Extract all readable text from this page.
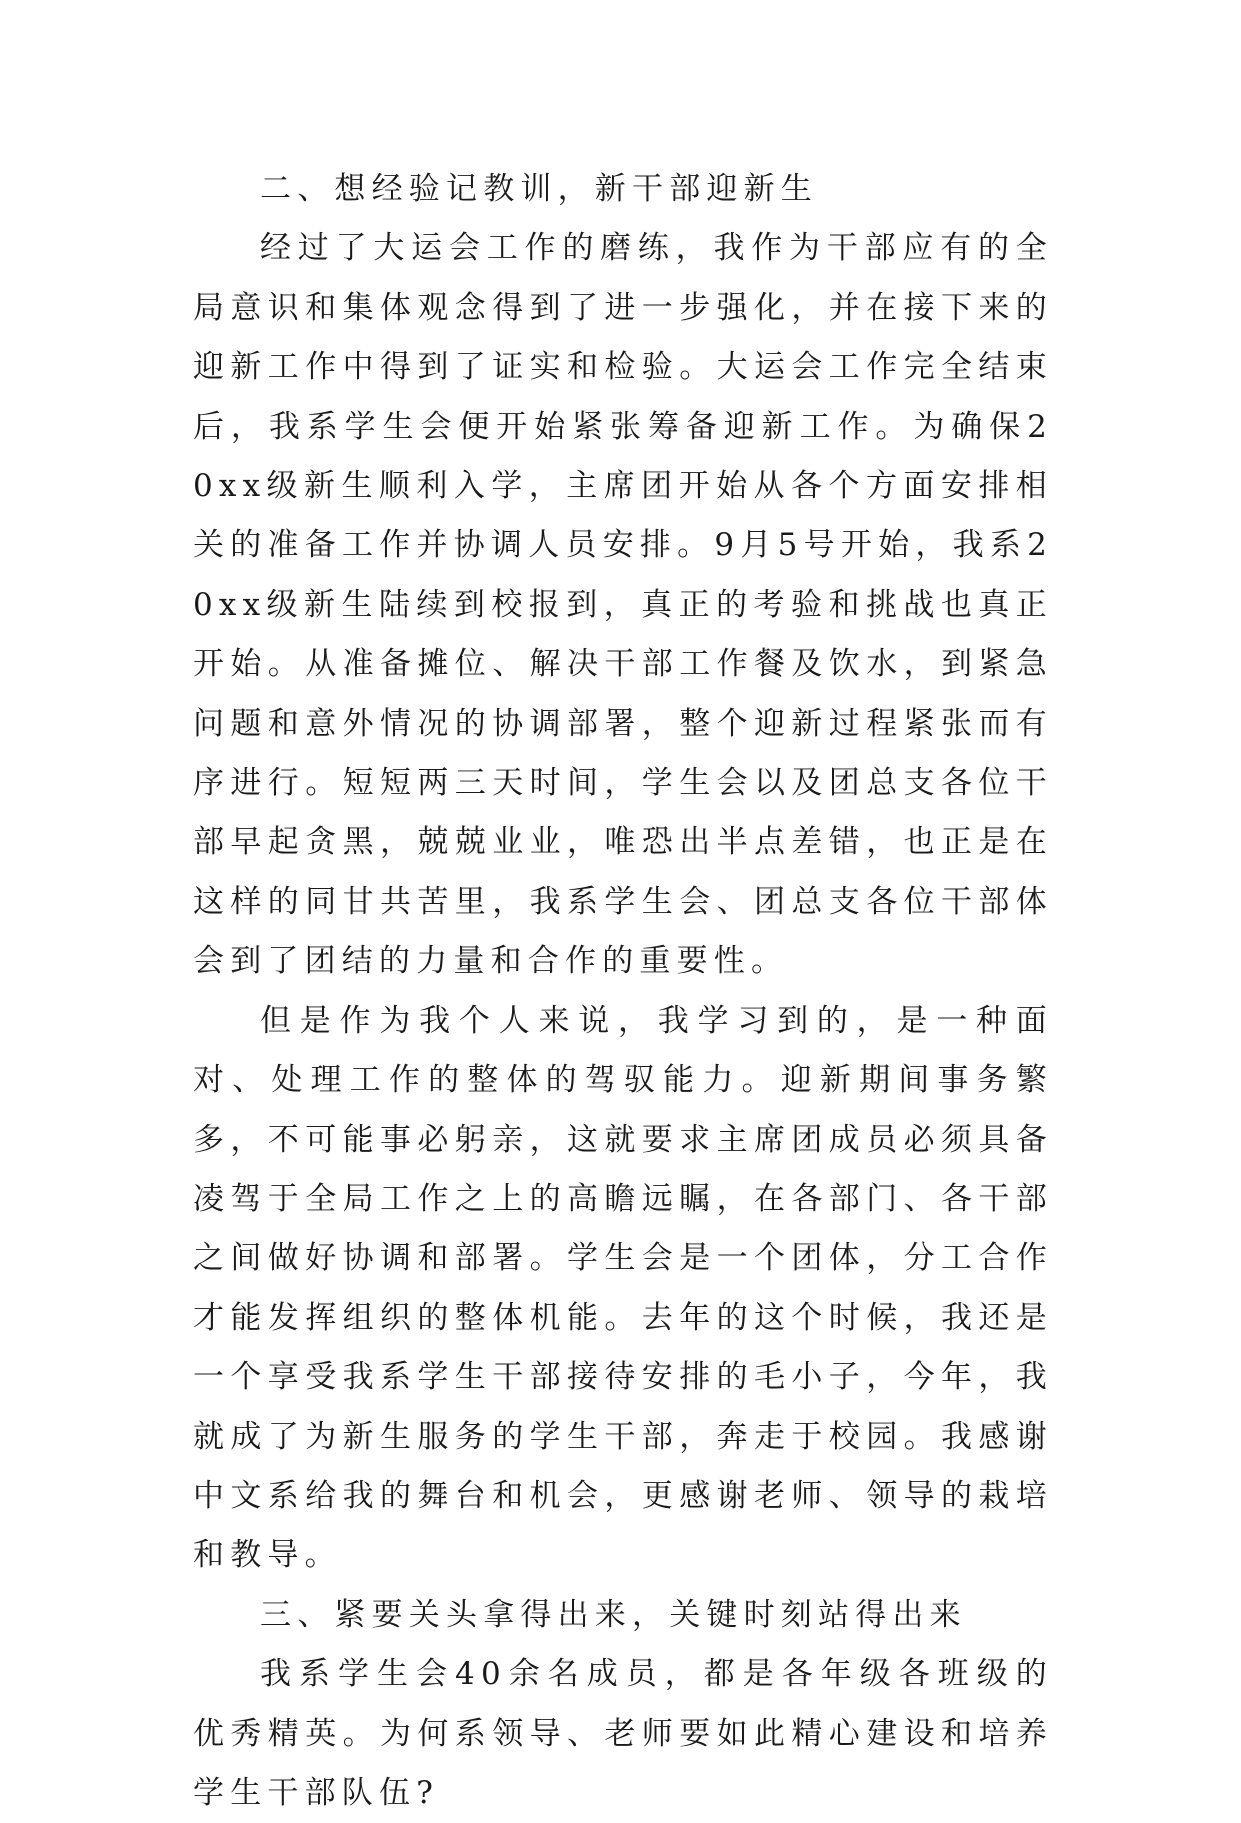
二、想经验记教训，新干部迎新生

经过了大运会工作的磨练，我作为干部应有的全局意识和集体观念得到了进一步强化，并在接下来的迎新工作中得到了证实和检验。大运会工作完全结束后，我系学生会便开始紧张筹备迎新工作。为确保20xx级新生顺利入学，主席团开始从各个方面安排相关的准备工作并协调人员安排。9月5号开始，我系20xx级新生陆续到校报到，真正的考验和挑战也真正开始。从准备摊位、解决干部工作餐及饮水，到紧急问题和意外情况的协调部署，整个迎新过程紧张而有序进行。短短两三天时间，学生会以及团总支各位干部早起贪黑，兢兢业业，唯恐出半点差错，也正是在这样的同甘共苦里，我系学生会、团总支各位干部体会到了团结的力量和合作的重要性。

但是作为我个人来说，我学习到的，是一种面对、处理工作的整体的驾驭能力。迎新期间事务繁多，不可能事必躬亲，这就要求主席团成员必须具备凌驾于全局工作之上的高瞻远瞩，在各部门、各干部之间做好协调和部署。学生会是一个团体，分工合作才能发挥组织的整体机能。去年的这个时候，我还是一个享受我系学生干部接待安排的毛小子，今年，我就成了为新生服务的学生干部，奔走于校园。我感谢中文系给我的舞台和机会，更感谢老师、领导的栽培和教导。

三、紧要关头拿得出来，关键时刻站得出来

我系学生会40余名成员，都是各年级各班级的优秀精英。为何系领导、老师要如此精心建设和培养学生干部队伍?
